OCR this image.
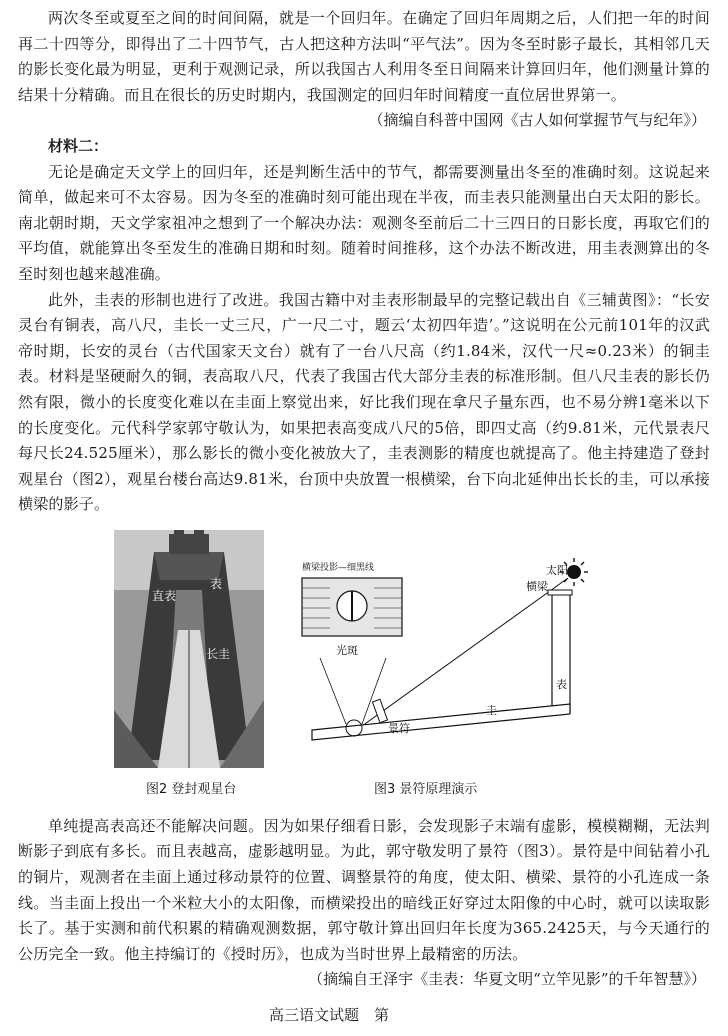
两次冬至或夏至之间的时间间隔，就是一个回归年。在确定了回归年周期之后，人们把一年的时间再二十四等分，即得出了二十四节气，古人把这种方法叫“平气法”。因为冬至时影子最长，其相邻几天的影长变化最为明显，更利于观测记录，所以我国古人利用冬至日间隔来计算回归年，他们测量计算的结果十分精确。而且在很长的历史时期内，我国测定的回归年时间精度一直位居世界第一。

（摘编自科普中国网《古人如何掌握节气与纪年》）

材料二：

无论是确定天文学上的回归年，还是判断生活中的节气，都需要测量出冬至的准确时刻。这说起来简单，做起来可不太容易。因为冬至的准确时刻可能出现在半夜，而圭表只能测量出白天太阳的影长。南北朝时期，天文学家祖冲之想到了一个解决办法：观测冬至前后二十三四日的日影长度，再取它们的平均值，就能算出冬至发生的准确日期和时刻。随着时间推移，这个办法不断改进，用圭表测算出的冬至时刻也越来越准确。

此外，圭表的形制也进行了改进。我国古籍中对圭表形制最早的完整记载出自《三辅黄图》：“长安灵台有铜表，高八尺，圭长一丈三尺，广一尺二寸，题云‘太初四年造’。”这说明在公元前101年的汉武帝时期，长安的灵台（古代国家天文台）就有了一台八尺高（约1.84米，汉代一尺≈0.23米）的铜圭表。材料是坚硬耐久的铜，表高取八尺，代表了我国古代大部分圭表的标准形制。但八尺圭表的影长仍然有限，微小的长度变化难以在圭面上察觉出来，好比我们现在拿尺子量东西，也不易分辨1毫米以下的长度变化。元代科学家郭守敬认为，如果把表高变成八尺的5倍，即四丈高（约9.81米，元代景表尺每尺长24.525厘米），那么影长的微小变化被放大了，圭表测影的精度也就提高了。他主持建造了登封观星台（图2），观星台楼台高达9.81米，台顶中央放置一根横梁，台下向北延伸出长长的圭，可以承接横梁的影子。

直表
表
长圭
图2 登封观星台
太阳
横梁
表
圭
景符
横梁投影—细黑线
光斑
图3 景符原理演示

单纯提高表高还不能解决问题。因为如果仔细看日影，会发现影子末端有虚影，模模糊糊，无法判断影子到底有多长。而且表越高，虚影越明显。为此，郭守敬发明了景符（图3）。景符是中间钻着小孔的铜片，观测者在圭面上通过移动景符的位置、调整景符的角度，使太阳、横梁、景符的小孔连成一条线。当圭面上投出一个米粒大小的太阳像，而横梁投出的暗线正好穿过太阳像的中心时，就可以读取影长了。基于实测和前代积累的精确观测数据，郭守敬计算出回归年长度为365.2425天，与今天通行的公历完全一致。他主持编订的《授时历》，也成为当时世界上最精密的历法。

（摘编自王泽宇《圭表：华夏文明“立竿见影”的千年智慧》）

高三语文试题　第
